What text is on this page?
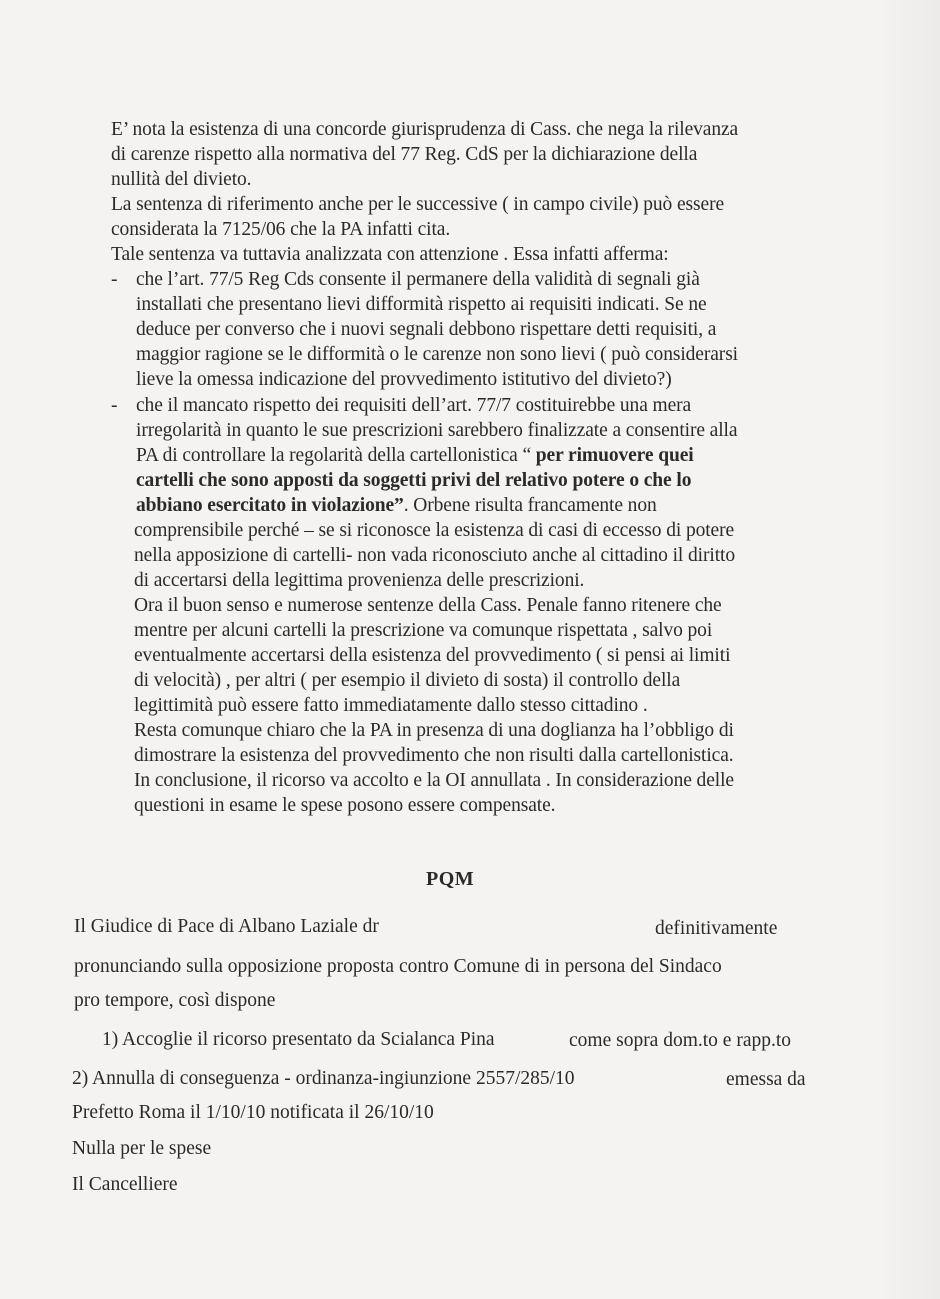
E’ nota la esistenza di una concorde giurisprudenza di Cass. che nega la rilevanza
di carenze rispetto alla normativa del 77 Reg. CdS per la dichiarazione della
nullità del divieto.
La sentenza di riferimento anche per le successive ( in campo civile) può essere
considerata la 7125/06 che la PA infatti cita.
Tale sentenza va tuttavia analizzata con attenzione . Essa infatti afferma:
- che l’art. 77/5 Reg Cds consente il permanere della validità di segnali già
installati che presentano lievi difformità rispetto ai requisiti indicati. Se ne
deduce per converso che i nuovi segnali debbono rispettare detti requisiti, a
maggior ragione se le difformità o le carenze non sono lievi ( può considerarsi
lieve la omessa indicazione del provvedimento istitutivo del divieto?)
- che il mancato rispetto dei requisiti dell’art. 77/7 costituirebbe una mera
irregolarità in quanto le sue prescrizioni sarebbero finalizzate a consentire alla
PA di controllare la regolarità della cartellonistica “ per rimuovere quei
cartelli che sono apposti da soggetti privi del relativo potere o che lo
abbiano esercitato in violazione”. Orbene risulta francamente non
comprensibile perché – se si riconosce la esistenza di casi di eccesso di potere
nella apposizione di cartelli- non vada riconosciuto anche al cittadino il diritto
di accertarsi della legittima provenienza delle prescrizioni.
Ora il buon senso e numerose sentenze della Cass. Penale fanno ritenere che
mentre per alcuni cartelli la prescrizione va comunque rispettata , salvo poi
eventualmente accertarsi della esistenza del provvedimento ( si pensi ai limiti
di velocità) , per altri ( per esempio il divieto di sosta) il controllo della
legittimità può essere fatto immediatamente dallo stesso cittadino .
Resta comunque chiaro che la PA in presenza di una doglianza ha l’obbligo di
dimostrare la esistenza del provvedimento che non risulti dalla cartellonistica.
In conclusione, il ricorso va accolto e la OI annullata . In considerazione delle
questioni in esame le spese posono essere compensate.
PQM
Il Giudice di Pace di Albano Laziale dr	definitivamente
pronunciando sulla opposizione proposta contro Comune di in persona del Sindaco
pro tempore, così dispone
1) Accoglie il ricorso presentato da Scialanca Pina	come sopra dom.to e rapp.to
2) Annulla di conseguenza - ordinanza-ingiunzione 2557/285/10	emessa da
Prefetto Roma il 1/10/10 notificata il 26/10/10
Nulla per le spese
Il Cancelliere
